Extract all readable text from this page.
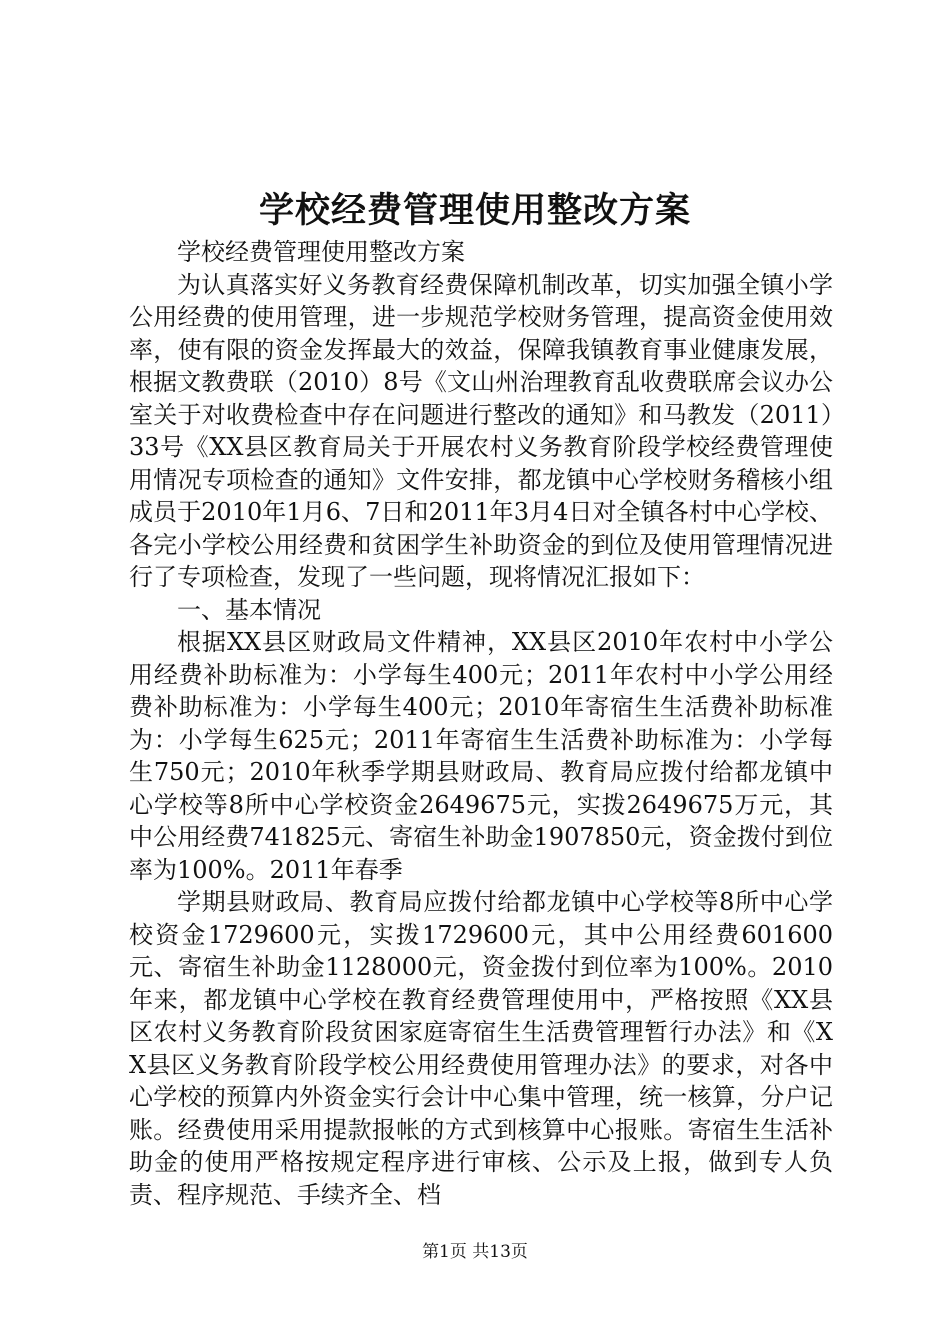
学校经费管理使用整改方案

学校经费管理使用整改方案

为认真落实好义务教育经费保障机制改革，切实加强全镇小学公用经费的使用管理，进一步规范学校财务管理，提高资金使用效率，使有限的资金发挥最大的效益，保障我镇教育事业健康发展，根据文教费联（2010）8号《文山州治理教育乱收费联席会议办公室关于对收费检查中存在问题进行整改的通知》和马教发（2011）33号《XX县区教育局关于开展农村义务教育阶段学校经费管理使用情况专项检查的通知》文件安排，都龙镇中心学校财务稽核小组成员于2010年1月6、7日和2011年3月4日对全镇各村中心学校、各完小学校公用经费和贫困学生补助资金的到位及使用管理情况进行了专项检查，发现了一些问题，现将情况汇报如下：

一、基本情况

根据XX县区财政局文件精神，XX县区2010年农村中小学公用经费补助标准为：小学每生400元；2011年农村中小学公用经费补助标准为：小学每生400元；2010年寄宿生生活费补助标准为：小学每生625元；2011年寄宿生生活费补助标准为：小学每生750元；2010年秋季学期县财政局、教育局应拨付给都龙镇中心学校等8所中心学校资金2649675元，实拨2649675万元，其中公用经费741825元、寄宿生补助金1907850元，资金拨付到位率为100%。2011年春季

学期县财政局、教育局应拨付给都龙镇中心学校等8所中心学校资金1729600元，实拨1729600元，其中公用经费601600元、寄宿生补助金1128000元，资金拨付到位率为100%。2010年来，都龙镇中心学校在教育经费管理使用中，严格按照《XX县区农村义务教育阶段贫困家庭寄宿生生活费管理暂行办法》和《XX县区义务教育阶段学校公用经费使用管理办法》的要求，对各中心学校的预算内外资金实行会计中心集中管理，统一核算，分户记账。经费使用采用提款报帐的方式到核算中心报账。寄宿生生活补助金的使用严格按规定程序进行审核、公示及上报，做到专人负责、程序规范、手续齐全、档

第1页 共13页
